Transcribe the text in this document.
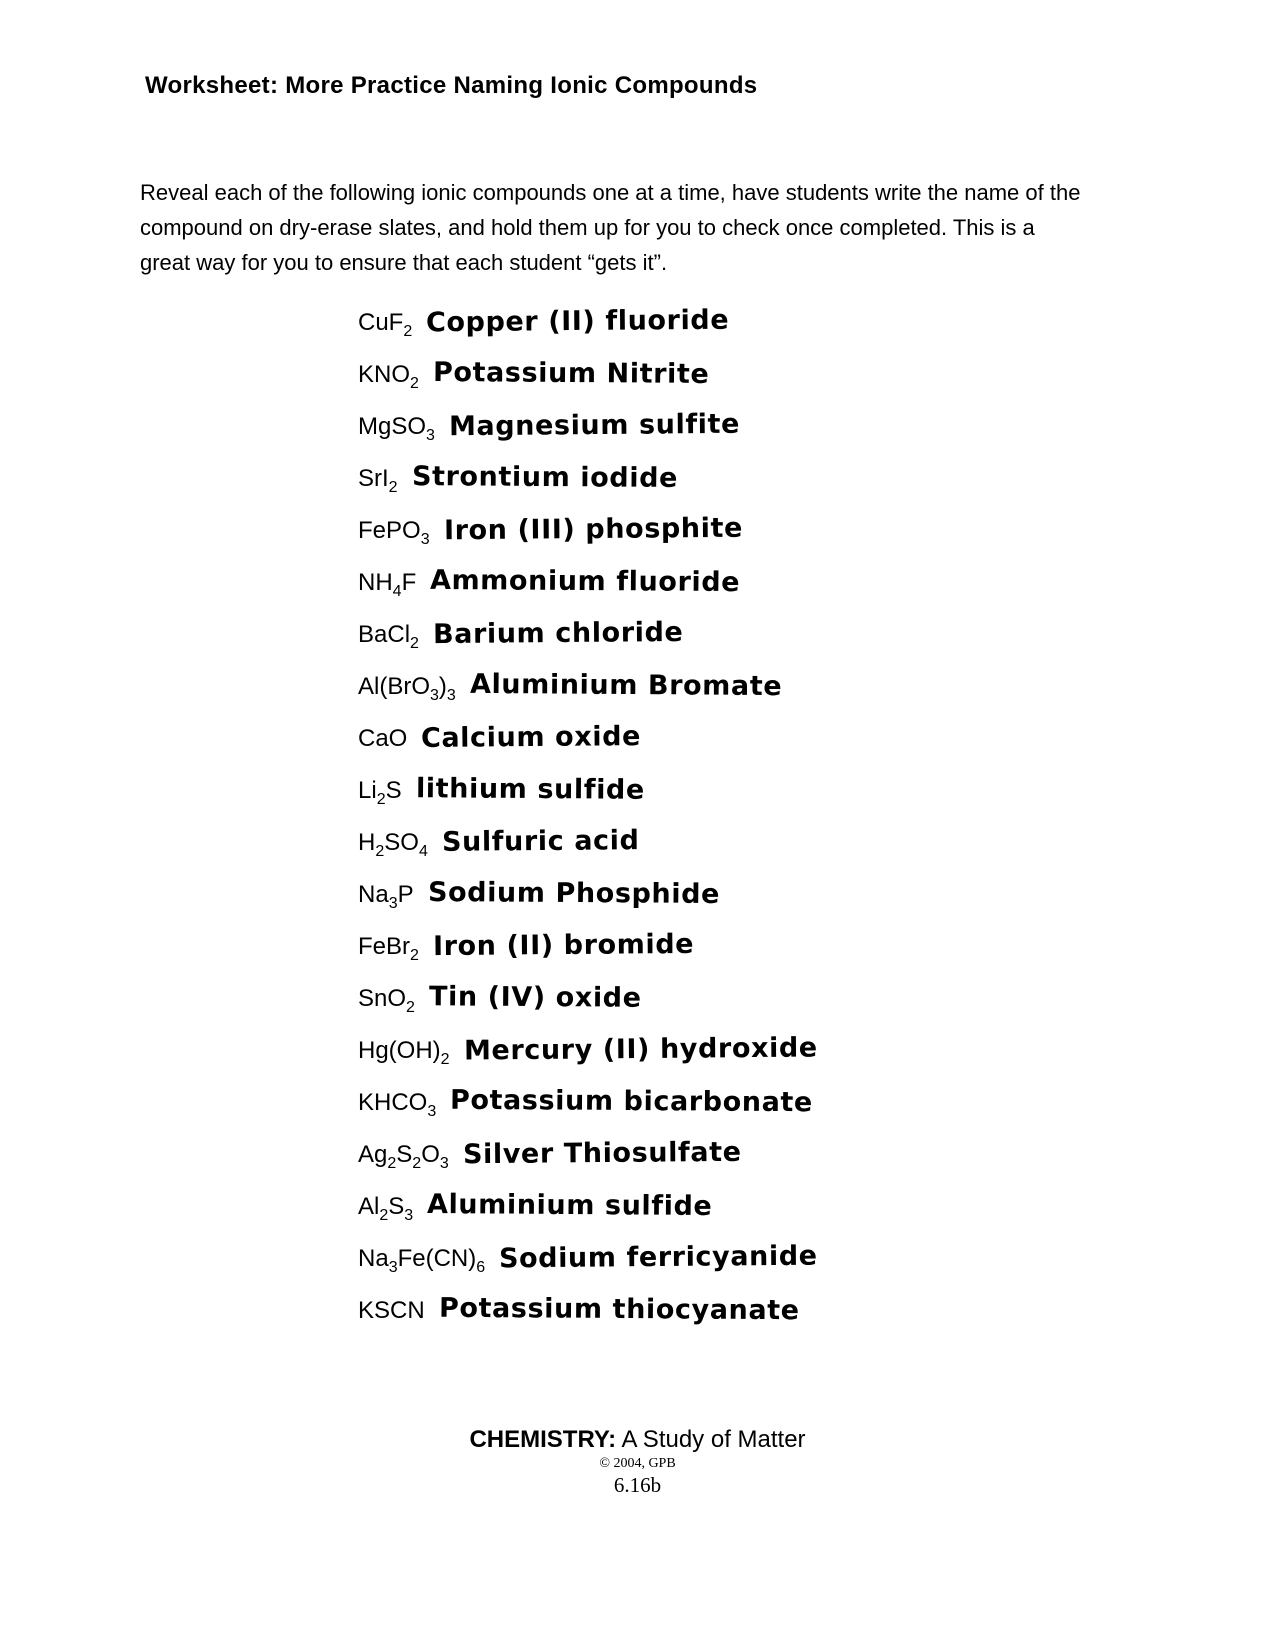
Worksheet: More Practice Naming Ionic Compounds
Reveal each of the following ionic compounds one at a time, have students write the name of the compound on dry-erase slates, and hold them up for you to check once completed. This is a great way for you to ensure that each student “gets it”.
CuF$_2$ Copper (II) fluoride
$KNO_2$ Potassium Nitrite
MgSO$_3$ Magnesium sulfite
SrI$_2$ Strontium iodide
FePO$_3$ Iron (III) phosphite
$NH_4F$ Ammonium fluoride
BaCl$_2$ Barium chloride
$Al(BrO_3)_3$ Aluminium Bromate
CaO Calcium oxide
$Li_2S$ lithium sulfide
$H_2SO_4$ Sulfuric acid
$Na_3P$ Sodium Phosphide
FeBr$_2$ Iron (II) bromide
SnO$_2$ Tin (IV) oxide
$Hg(OH)_2$ Mercury (II) hydroxide
$KHCO_3$ Potassium bicarbonate
$Ag_2S_2O_3$ Silver Thiosulfate
$Al_2S_3$ Aluminium sulfide
$Na_3Fe(CN)_6$ Sodium ferricyanide
KSCN Potassium thiocyanate
CHEMISTRY: A Study of Matter
© 2004, GPB
6.16b
